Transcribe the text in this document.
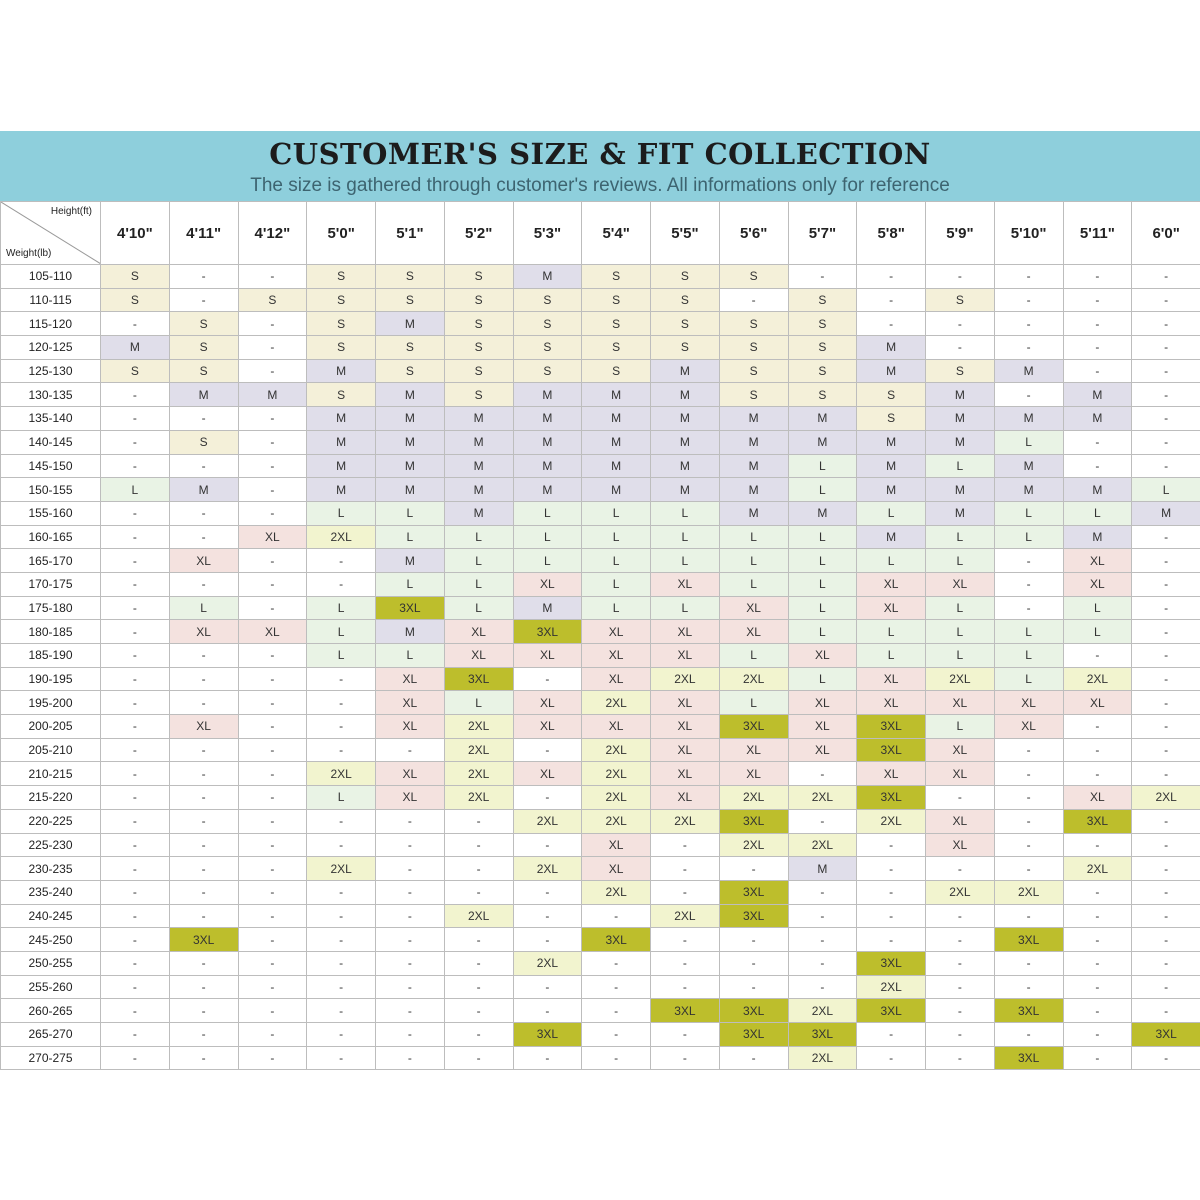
CUSTOMER'S SIZE & FIT COLLECTION
The size is gathered through customer's reviews. All informations only for reference
Height(ft)
Weight(lb)	4'10"	4'11"	4'12"	5'0"	5'1"	5'2"	5'3"	5'4"	5'5"	5'6"	5'7"	5'8"	5'9"	5'10"	5'11"	6'0"
105-110	S	-	-	S	S	S	M	S	S	S	-	-	-	-	-	-
110-115	S	-	S	S	S	S	S	S	S	-	S	-	S	-	-	-
115-120	-	S	-	S	M	S	S	S	S	S	S	-	-	-	-	-
120-125	M	S	-	S	S	S	S	S	S	S	S	M	-	-	-	-
125-130	S	S	-	M	S	S	S	S	M	S	S	M	S	M	-	-
130-135	-	M	M	S	M	S	M	M	M	S	S	S	M	-	M	-
135-140	-	-	-	M	M	M	M	M	M	M	M	S	M	M	M	-
140-145	-	S	-	M	M	M	M	M	M	M	M	M	M	L	-	-
145-150	-	-	-	M	M	M	M	M	M	M	L	M	L	M	-	-
150-155	L	M	-	M	M	M	M	M	M	M	L	M	M	M	M	L
155-160	-	-	-	L	L	M	L	L	L	M	M	L	M	L	L	M
160-165	-	-	XL	2XL	L	L	L	L	L	L	L	M	L	L	M	-
165-170	-	XL	-	-	M	L	L	L	L	L	L	L	L	-	XL	-
170-175	-	-	-	-	L	L	XL	L	XL	L	L	XL	XL	-	XL	-
175-180	-	L	-	L	3XL	L	M	L	L	XL	L	XL	L	-	L	-
180-185	-	XL	XL	L	M	XL	3XL	XL	XL	XL	L	L	L	L	L	-
185-190	-	-	-	L	L	XL	XL	XL	XL	L	XL	L	L	L	-	-
190-195	-	-	-	-	XL	3XL	-	XL	2XL	2XL	L	XL	2XL	L	2XL	-
195-200	-	-	-	-	XL	L	XL	2XL	XL	L	XL	XL	XL	XL	XL	-
200-205	-	XL	-	-	XL	2XL	XL	XL	XL	3XL	XL	3XL	L	XL	-	-
205-210	-	-	-	-	-	2XL	-	2XL	XL	XL	XL	3XL	XL	-	-	-
210-215	-	-	-	2XL	XL	2XL	XL	2XL	XL	XL	-	XL	XL	-	-	-
215-220	-	-	-	L	XL	2XL	-	2XL	XL	2XL	2XL	3XL	-	-	XL	2XL
220-225	-	-	-	-	-	-	2XL	2XL	2XL	3XL	-	2XL	XL	-	3XL	-
225-230	-	-	-	-	-	-	-	XL	-	2XL	2XL	-	XL	-	-	-
230-235	-	-	-	2XL	-	-	2XL	XL	-	-	M	-	-	-	2XL	-
235-240	-	-	-	-	-	-	-	2XL	-	3XL	-	-	2XL	2XL	-	-
240-245	-	-	-	-	-	2XL	-	-	2XL	3XL	-	-	-	-	-	-
245-250	-	3XL	-	-	-	-	-	3XL	-	-	-	-	-	3XL	-	-
250-255	-	-	-	-	-	-	2XL	-	-	-	-	3XL	-	-	-	-
255-260	-	-	-	-	-	-	-	-	-	-	-	2XL	-	-	-	-
260-265	-	-	-	-	-	-	-	-	3XL	3XL	2XL	3XL	-	3XL	-	-
265-270	-	-	-	-	-	-	3XL	-	-	3XL	3XL	-	-	-	-	3XL
270-275	-	-	-	-	-	-	-	-	-	-	2XL	-	-	3XL	-	-
